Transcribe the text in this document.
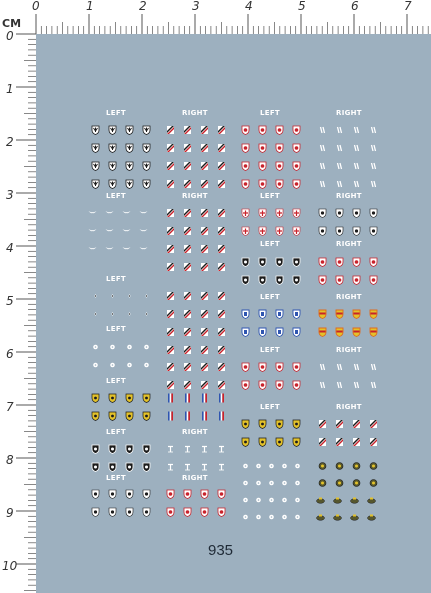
CM
0	1	2	3	4	5	6	7
0
1
2
3
4
5
6
7
8
9
10
LEFT
LEFT
LEFT
LEFT
LEFT
LEFT
LEFT
RIGHT
RIGHT
RIGHT
RIGHT
LEFT
LEFT
LEFT
LEFT
LEFT
LEFT
RIGHT
RIGHT
RIGHT
RIGHT
RIGHT
RIGHT
935
